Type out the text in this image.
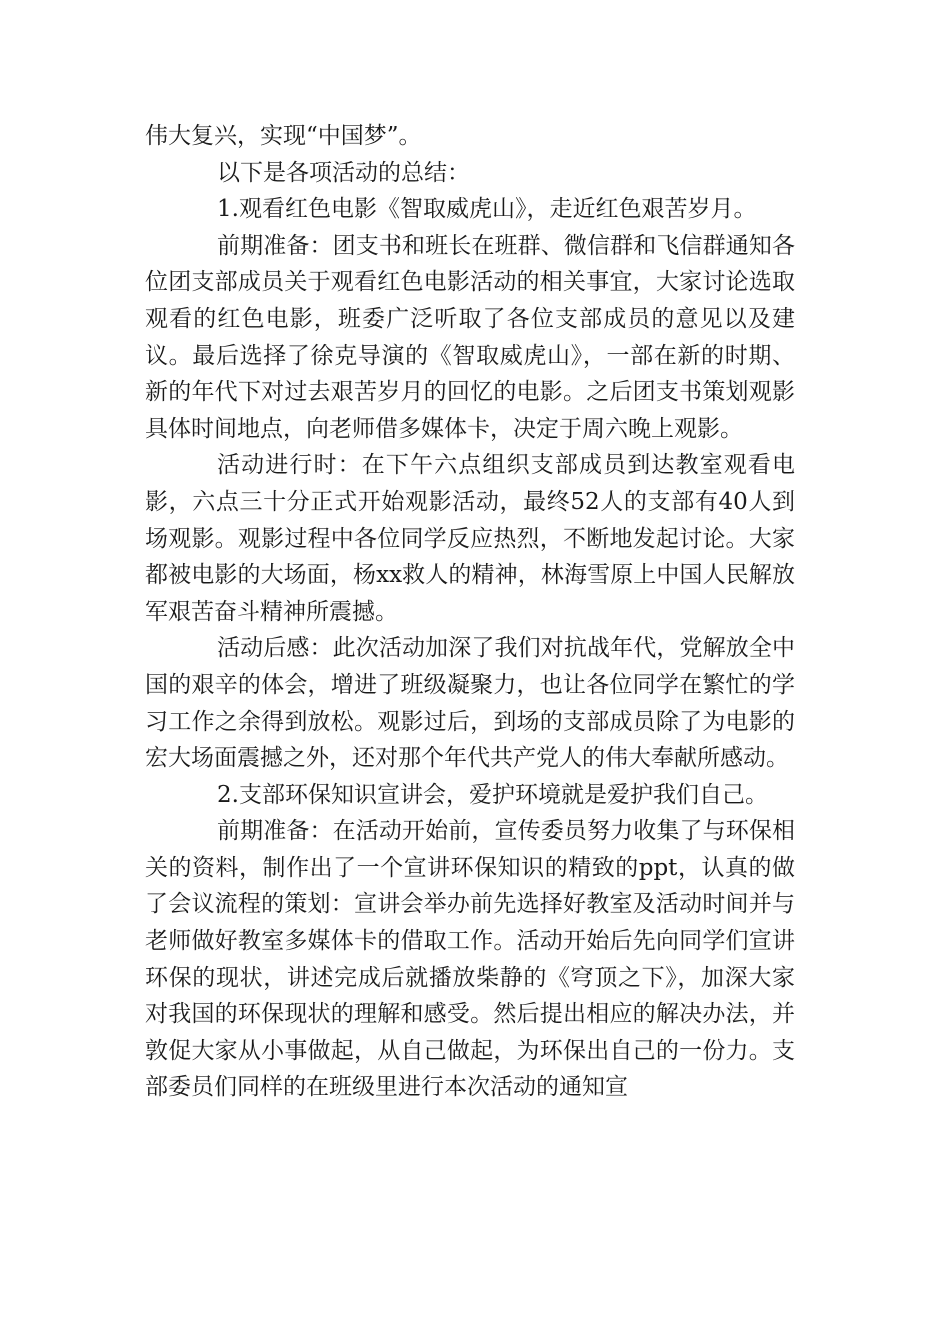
伟大复兴，实现“中国梦”。

以下是各项活动的总结：

1.观看红色电影《智取威虎山》，走近红色艰苦岁月。

前期准备：团支书和班长在班群、微信群和飞信群通知各位团支部成员关于观看红色电影活动的相关事宜，大家讨论选取观看的红色电影，班委广泛听取了各位支部成员的意见以及建议。最后选择了徐克导演的《智取威虎山》，一部在新的时期、新的年代下对过去艰苦岁月的回忆的电影。之后团支书策划观影具体时间地点，向老师借多媒体卡，决定于周六晚上观影。

活动进行时：在下午六点组织支部成员到达教室观看电影，六点三十分正式开始观影活动，最终52人的支部有40人到场观影。观影过程中各位同学反应热烈，不断地发起讨论。大家都被电影的大场面，杨xx救人的精神，林海雪原上中国人民解放军艰苦奋斗精神所震撼。

活动后感：此次活动加深了我们对抗战年代，党解放全中国的艰辛的体会，增进了班级凝聚力，也让各位同学在繁忙的学习工作之余得到放松。观影过后，到场的支部成员除了为电影的宏大场面震撼之外，还对那个年代共产党人的伟大奉献所感动。

2.支部环保知识宣讲会，爱护环境就是爱护我们自己。

前期准备：在活动开始前，宣传委员努力收集了与环保相关的资料，制作出了一个宣讲环保知识的精致的ppt，认真的做了会议流程的策划：宣讲会举办前先选择好教室及活动时间并与老师做好教室多媒体卡的借取工作。活动开始后先向同学们宣讲环保的现状，讲述完成后就播放柴静的《穹顶之下》，加深大家对我国的环保现状的理解和感受。然后提出相应的解决办法，并敦促大家从小事做起，从自己做起，为环保出自己的一份力。支部委员们同样的在班级里进行本次活动的通知宣
